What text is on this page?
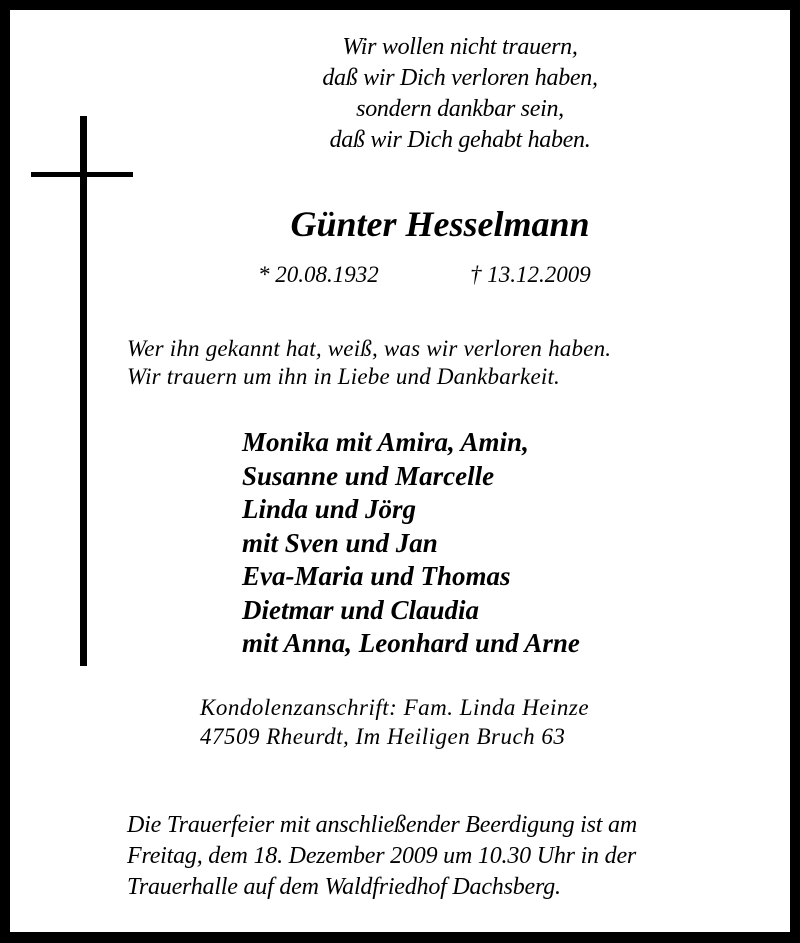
Wir wollen nicht trauern,
daß wir Dich verloren haben,
sondern dankbar sein,
daß wir Dich gehabt haben.
Günter Hesselmann
* 20.08.1932	† 13.12.2009
Wer ihn gekannt hat, weiß, was wir verloren haben.
Wir trauern um ihn in Liebe und Dankbarkeit.
Monika mit Amira, Amin,
Susanne und Marcelle
Linda und Jörg
mit Sven und Jan
Eva-Maria und Thomas
Dietmar und Claudia
mit Anna, Leonhard und Arne
Kondolenzanschrift: Fam. Linda Heinze
47509 Rheurdt, Im Heiligen Bruch 63
Die Trauerfeier mit anschließender Beerdigung ist am
Freitag, dem 18. Dezember 2009 um 10.30 Uhr in der
Trauerhalle auf dem Waldfriedhof Dachsberg.
